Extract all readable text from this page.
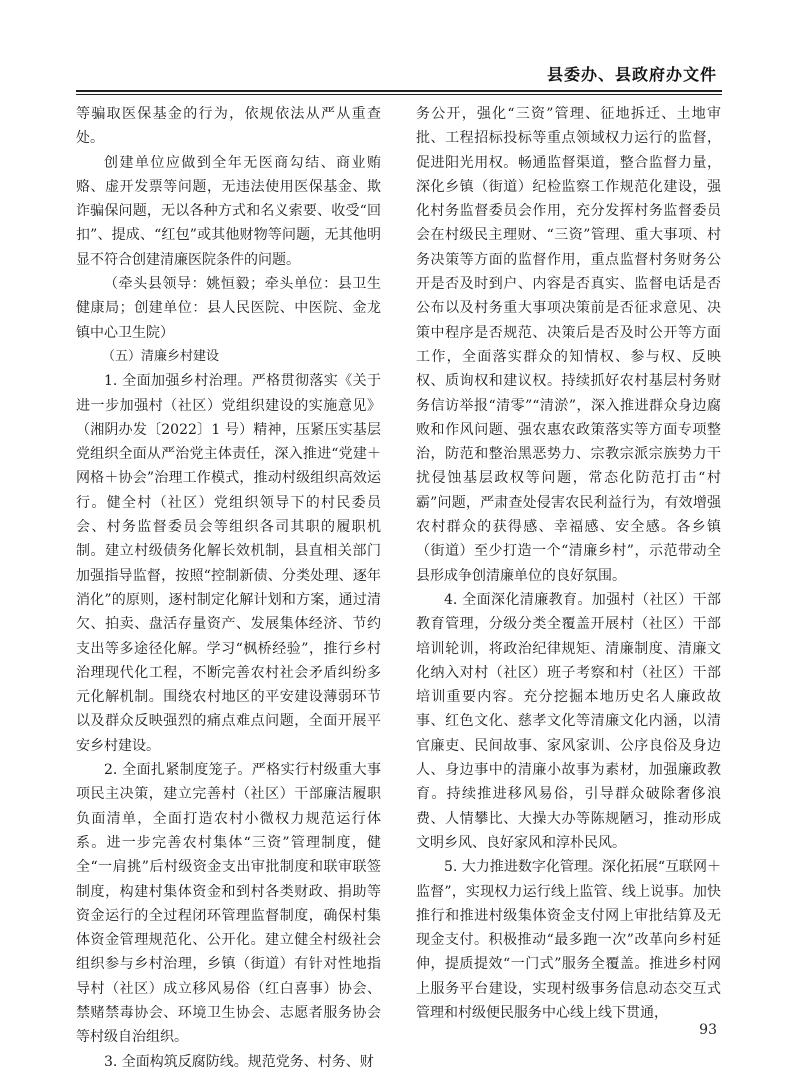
县委办、县政府办文件

等骗取医保基金的行为，依规依法从严从重查处。

创建单位应做到全年无医商勾结、商业贿赂、虚开发票等问题，无违法使用医保基金、欺诈骗保问题，无以各种方式和名义索要、收受“回扣”、提成、“红包”或其他财物等问题，无其他明显不符合创建清廉医院条件的问题。

（牵头县领导：姚恒毅；牵头单位：县卫生健康局；创建单位：县人民医院、中医院、金龙镇中心卫生院）

（五）清廉乡村建设

1. 全面加强乡村治理。严格贯彻落实《关于进一步加强村（社区）党组织建设的实施意见》（湘阴办发〔2022〕1 号）精神，压紧压实基层党组织全面从严治党主体责任，深入推进“党建＋网格＋协会”治理工作模式，推动村级组织高效运行。健全村（社区）党组织领导下的村民委员会、村务监督委员会等组织各司其职的履职机制。建立村级债务化解长效机制，县直相关部门加强指导监督，按照“控制新债、分类处理、逐年消化”的原则，逐村制定化解计划和方案，通过清欠、拍卖、盘活存量资产、发展集体经济、节约支出等多途径化解。学习“枫桥经验”，推行乡村治理现代化工程，不断完善农村社会矛盾纠纷多元化解机制。围绕农村地区的平安建设薄弱环节以及群众反映强烈的痛点难点问题，全面开展平安乡村建设。

2. 全面扎紧制度笼子。严格实行村级重大事项民主决策，建立完善村（社区）干部廉洁履职负面清单，全面打造农村小微权力规范运行体系。进一步完善农村集体“三资”管理制度，健全“一肩挑”后村级资金支出审批制度和联审联签制度，构建村集体资金和到村各类财政、捐助等资金运行的全过程闭环管理监督制度，确保村集体资金管理规范化、公开化。建立健全村级社会组织参与乡村治理，乡镇（街道）有针对性地指导村（社区）成立移风易俗（红白喜事）协会、禁赌禁毒协会、环境卫生协会、志愿者服务协会等村级自治组织。

3. 全面构筑反腐防线。规范党务、村务、财

务公开，强化“三资”管理、征地拆迁、土地审批、工程招标投标等重点领域权力运行的监督，促进阳光用权。畅通监督渠道，整合监督力量，深化乡镇（街道）纪检监察工作规范化建设，强化村务监督委员会作用，充分发挥村务监督委员会在村级民主理财、“三资”管理、重大事项、村务决策等方面的监督作用，重点监督村务财务公开是否及时到户、内容是否真实、监督电话是否公布以及村务重大事项决策前是否征求意见、决策中程序是否规范、决策后是否及时公开等方面工作，全面落实群众的知情权、参与权、反映权、质询权和建议权。持续抓好农村基层村务财务信访举报“清零”“清淤”，深入推进群众身边腐败和作风问题、强农惠农政策落实等方面专项整治，防范和整治黑恶势力、宗教宗派宗族势力干扰侵蚀基层政权等问题，常态化防范打击“村霸”问题，严肃查处侵害农民利益行为，有效增强农村群众的获得感、幸福感、安全感。各乡镇（街道）至少打造一个“清廉乡村”，示范带动全县形成争创清廉单位的良好氛围。

4. 全面深化清廉教育。加强村（社区）干部教育管理，分级分类全覆盖开展村（社区）干部培训轮训，将政治纪律规矩、清廉制度、清廉文化纳入对村（社区）班子考察和村（社区）干部培训重要内容。充分挖掘本地历史名人廉政故事、红色文化、慈孝文化等清廉文化内涵，以清官廉吏、民间故事、家风家训、公序良俗及身边人、身边事中的清廉小故事为素材，加强廉政教育。持续推进移风易俗，引导群众破除奢侈浪费、人情攀比、大操大办等陈规陋习，推动形成文明乡风、良好家风和淳朴民风。

5. 大力推进数字化管理。深化拓展“互联网＋监督”，实现权力运行线上监管、线上说事。加快推行和推进村级集体资金支付网上审批结算及无现金支付。积极推动“最多跑一次”改革向乡村延伸，提质提效“一门式”服务全覆盖。推进乡村网上服务平台建设，实现村级事务信息动态交互式管理和村级便民服务中心线上线下贯通，

93
